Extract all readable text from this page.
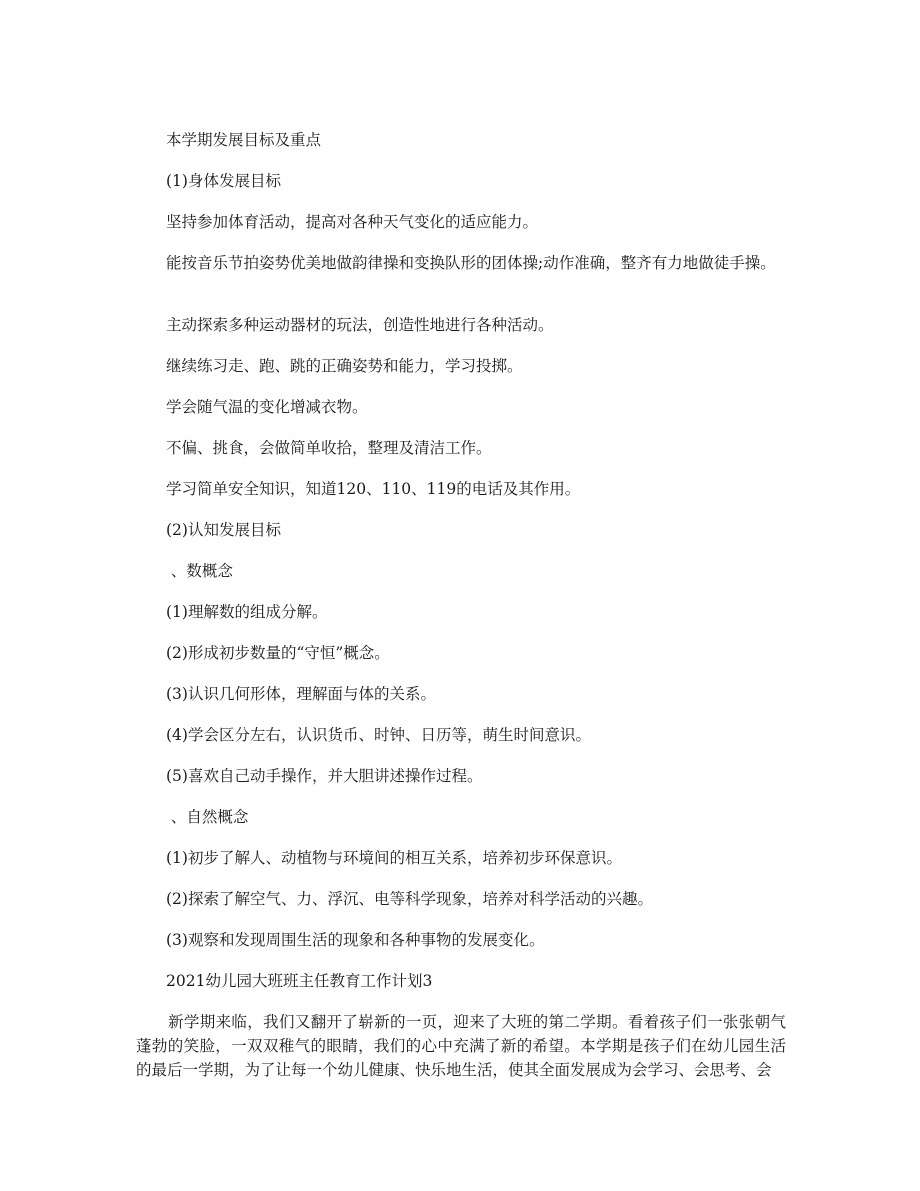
本学期发展目标及重点

(1)身体发展目标

坚持参加体育活动，提高对各种天气变化的适应能力。

能按音乐节拍姿势优美地做韵律操和变换队形的团体操;动作准确，整齐有力地做徒手操。

主动探索多种运动器材的玩法，创造性地进行各种活动。

继续练习走、跑、跳的正确姿势和能力，学习投掷。

学会随气温的变化增减衣物。

不偏、挑食，会做简单收拾，整理及清洁工作。

学习简单安全知识，知道120、110、119的电话及其作用。

(2)认知发展目标

、数概念

(1)理解数的组成分解。

(2)形成初步数量的“守恒”概念。

(3)认识几何形体，理解面与体的关系。

(4)学会区分左右，认识货币、时钟、日历等，萌生时间意识。

(5)喜欢自己动手操作，并大胆讲述操作过程。

、自然概念

(1)初步了解人、动植物与环境间的相互关系，培养初步环保意识。

(2)探索了解空气、力、浮沉、电等科学现象，培养对科学活动的兴趣。

(3)观察和发现周围生活的现象和各种事物的发展变化。

2021幼儿园大班班主任教育工作计划3

新学期来临，我们又翻开了崭新的一页，迎来了大班的第二学期。看着孩子们一张张朝气蓬勃的笑脸，一双双稚气的眼睛，我们的心中充满了新的希望。本学期是孩子们在幼儿园生活的最后一学期，为了让每一个幼儿健康、快乐地生活，使其全面发展成为会学习、会思考、会
